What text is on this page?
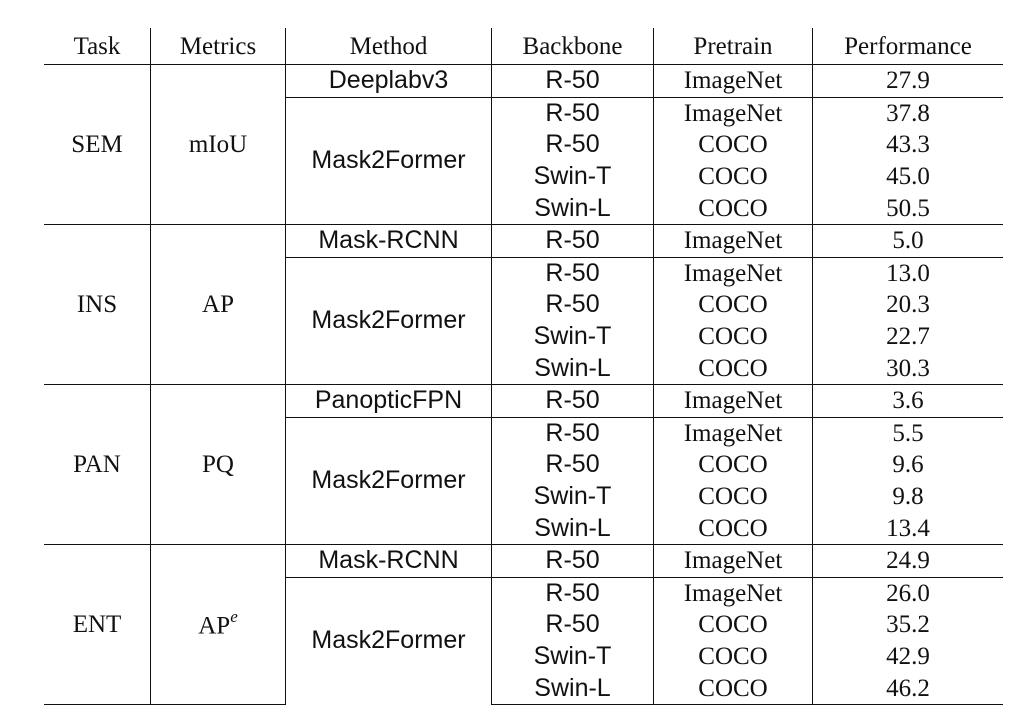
Task	Metrics	Method	Backbone	Pretrain	Performance
SEM	mIoU	Deeplabv3	R-50	ImageNet	27.9
		Mask2Former	R-50	ImageNet	37.8
			R-50	COCO	43.3
			Swin-T	COCO	45.0
			Swin-L	COCO	50.5
INS	AP	Mask-RCNN	R-50	ImageNet	5.0
		Mask2Former	R-50	ImageNet	13.0
			R-50	COCO	20.3
			Swin-T	COCO	22.7
			Swin-L	COCO	30.3
PAN	PQ	PanopticFPN	R-50	ImageNet	3.6
		Mask2Former	R-50	ImageNet	5.5
			R-50	COCO	9.6
			Swin-T	COCO	9.8
			Swin-L	COCO	13.4
ENT	$AP^e$	Mask-RCNN	R-50	ImageNet	24.9
		Mask2Former	R-50	ImageNet	26.0
			R-50	COCO	35.2
			Swin-T	COCO	42.9
			Swin-L	COCO	46.2
